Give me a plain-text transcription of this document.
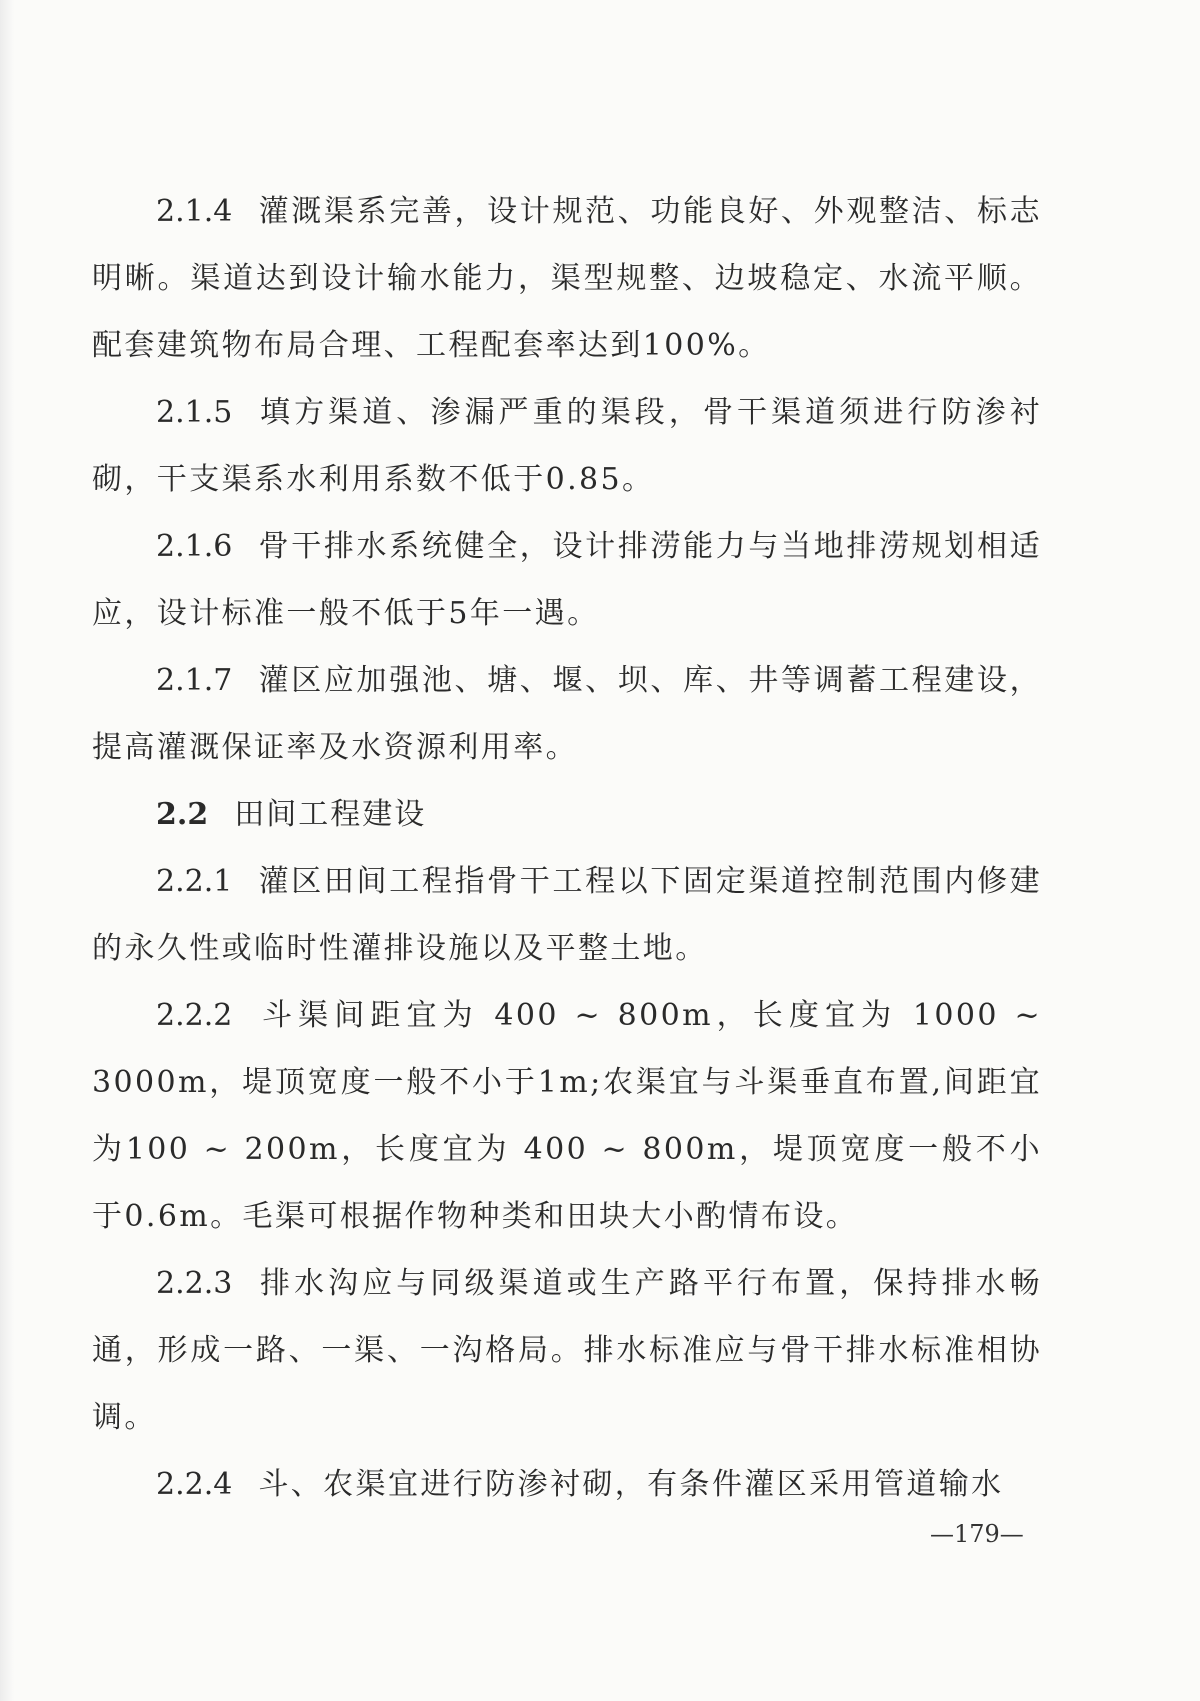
2.1.4 灌溉渠系完善，设计规范、功能良好、外观整洁、标志明晰。渠道达到设计输水能力，渠型规整、边坡稳定、水流平顺。配套建筑物布局合理、工程配套率达到100%。

2.1.5 填方渠道、渗漏严重的渠段，骨干渠道须进行防渗衬砌，干支渠系水利用系数不低于0.85。

2.1.6 骨干排水系统健全，设计排涝能力与当地排涝规划相适应，设计标准一般不低于5年一遇。

2.1.7 灌区应加强池、塘、堰、坝、库、井等调蓄工程建设，提高灌溉保证率及水资源利用率。

2.2 田间工程建设

2.2.1 灌区田间工程指骨干工程以下固定渠道控制范围内修建的永久性或临时性灌排设施以及平整土地。

2.2.2 斗渠间距宜为 400 ~ 800m，长度宜为 1000 ~ 3000m，堤顶宽度一般不小于1m;农渠宜与斗渠垂直布置,间距宜为100 ~ 200m，长度宜为 400 ~ 800m，堤顶宽度一般不小于0.6m。毛渠可根据作物种类和田块大小酌情布设。

2.2.3 排水沟应与同级渠道或生产路平行布置，保持排水畅通，形成一路、一渠、一沟格局。排水标准应与骨干排水标准相协调。

2.2.4 斗、农渠宜进行防渗衬砌，有条件灌区采用管道输水

—179—
